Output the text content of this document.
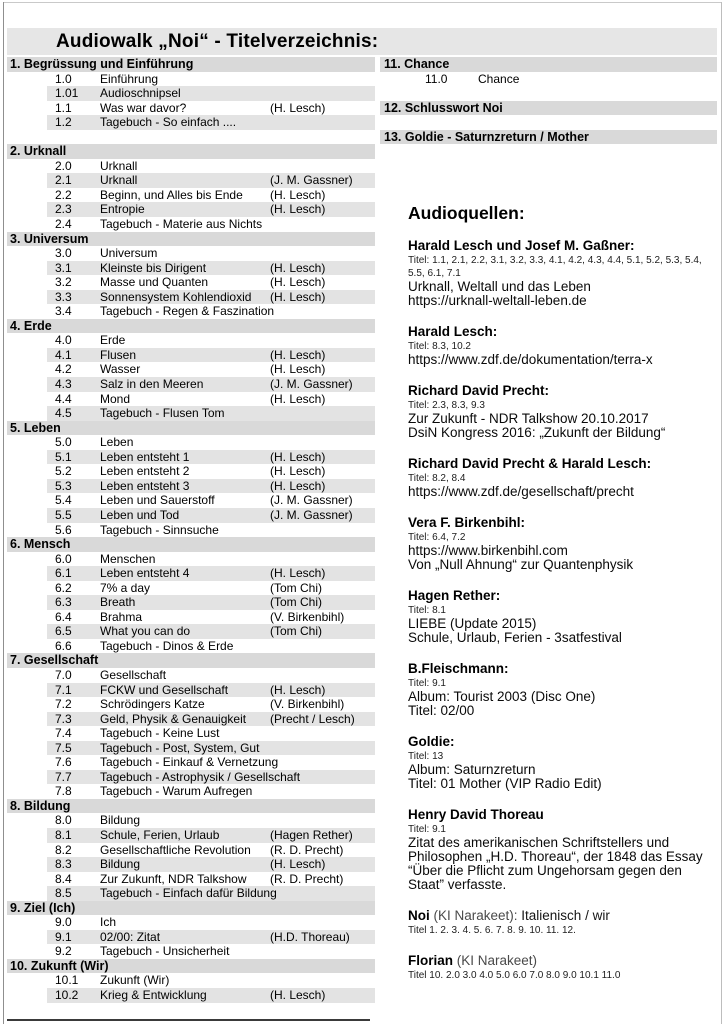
Audiowalk „Noi“ - Titelverzeichnis:
1. Begrüssung und Einführung
1.0	Einführung
1.01	Audioschnipsel
1.1	Was war davor?	(H. Lesch)
1.2	Tagebuch - So einfach ....
2. Urknall
2.0	Urknall
2.1	Urknall	(J. M. Gassner)
2.2	Beginn, und Alles bis Ende	(H. Lesch)
2.3	Entropie	(H. Lesch)
2.4	Tagebuch - Materie aus Nichts
3. Universum
3.0	Universum
3.1	Kleinste bis Dirigent	(H. Lesch)
3.2	Masse und Quanten	(H. Lesch)
3.3	Sonnensystem Kohlendioxid	(H. Lesch)
3.4	Tagebuch - Regen & Faszination
4. Erde
4.0	Erde
4.1	Flusen	(H. Lesch)
4.2	Wasser	(H. Lesch)
4.3	Salz in den Meeren	(J. M. Gassner)
4.4	Mond	(H. Lesch)
4.5	Tagebuch - Flusen Tom
5. Leben
5.0	Leben
5.1	Leben entsteht 1	(H. Lesch)
5.2	Leben entsteht 2	(H. Lesch)
5.3	Leben entsteht 3	(H. Lesch)
5.4	Leben und Sauerstoff	(J. M. Gassner)
5.5	Leben und Tod	(J. M. Gassner)
5.6	Tagebuch - Sinnsuche
6. Mensch
6.0	Menschen
6.1	Leben entsteht 4	(H. Lesch)
6.2	7% a day	(Tom Chi)
6.3	Breath	(Tom Chi)
6.4	Brahma	(V. Birkenbihl)
6.5	What you can do	(Tom Chi)
6.6	Tagebuch - Dinos & Erde
7. Gesellschaft
7.0	Gesellschaft
7.1	FCKW und Gesellschaft	(H. Lesch)
7.2	Schrödingers Katze	(V. Birkenbihl)
7.3	Geld, Physik & Genauigkeit	(Precht / Lesch)
7.4	Tagebuch - Keine Lust
7.5	Tagebuch - Post, System, Gut
7.6	Tagebuch - Einkauf & Vernetzung
7.7	Tagebuch - Astrophysik / Gesellschaft
7.8	Tagebuch - Warum Aufregen
8. Bildung
8.0	Bildung
8.1	Schule, Ferien, Urlaub	(Hagen Rether)
8.2	Gesellschaftliche Revolution	(R. D. Precht)
8.3	Bildung	(H. Lesch)
8.4	Zur Zukunft, NDR Talkshow	(R. D. Precht)
8.5	Tagebuch - Einfach dafür Bildung
9. Ziel (Ich)
9.0	Ich
9.1	02/00: Zitat	(H.D. Thoreau)
9.2	Tagebuch - Unsicherheit
10. Zukunft (Wir)
10.1	Zukunft (Wir)
10.2	Krieg & Entwicklung	(H. Lesch)
11. Chance
11.0	Chance
12. Schlusswort Noi
13. Goldie - Saturnzreturn / Mother
Audioquellen:
Harald Lesch und Josef M. Gaßner:
Titel: 1.1, 2.1, 2.2, 3.1, 3.2, 3.3, 4.1, 4.2, 4.3, 4.4, 5.1, 5.2, 5.3, 5.4, 5.5, 6.1, 7.1
Urknall, Weltall und das Leben
https://urknall-weltall-leben.de
Harald Lesch:
Titel: 8.3, 10.2
https://www.zdf.de/dokumentation/terra-x
Richard David Precht:
Titel: 2.3, 8.3, 9.3
Zur Zukunft - NDR Talkshow 20.10.2017
DsiN Kongress 2016: „Zukunft der Bildung“
Richard David Precht & Harald Lesch:
Titel: 8.2, 8.4
https://www.zdf.de/gesellschaft/precht
Vera F. Birkenbihl:
Titel: 6.4, 7.2
https://www.birkenbihl.com
Von „Null Ahnung“ zur Quantenphysik
Hagen Rether:
Titel: 8.1
LIEBE (Update 2015)
Schule, Urlaub, Ferien - 3satfestival
B.Fleischmann:
Titel: 9.1
Album: Tourist 2003 (Disc One)
Titel: 02/00
Goldie:
Titel: 13
Album: Saturnzreturn
Titel: 01 Mother (VIP Radio Edit)
Henry David Thoreau
Titel: 9.1
Zitat des amerikanischen Schriftstellers und Philosophen „H.D. Thoreau“, der 1848 das Essay “Über die Pflicht zum Ungehorsam gegen den Staat” verfasste.
Noi (KI Narakeet): Italienisch / wir
Titel 1. 2. 3. 4. 5. 6. 7. 8. 9. 10. 11. 12.
Florian (KI Narakeet)
Titel 10. 2.0 3.0 4.0 5.0 6.0 7.0 8.0 9.0 10.1 11.0
